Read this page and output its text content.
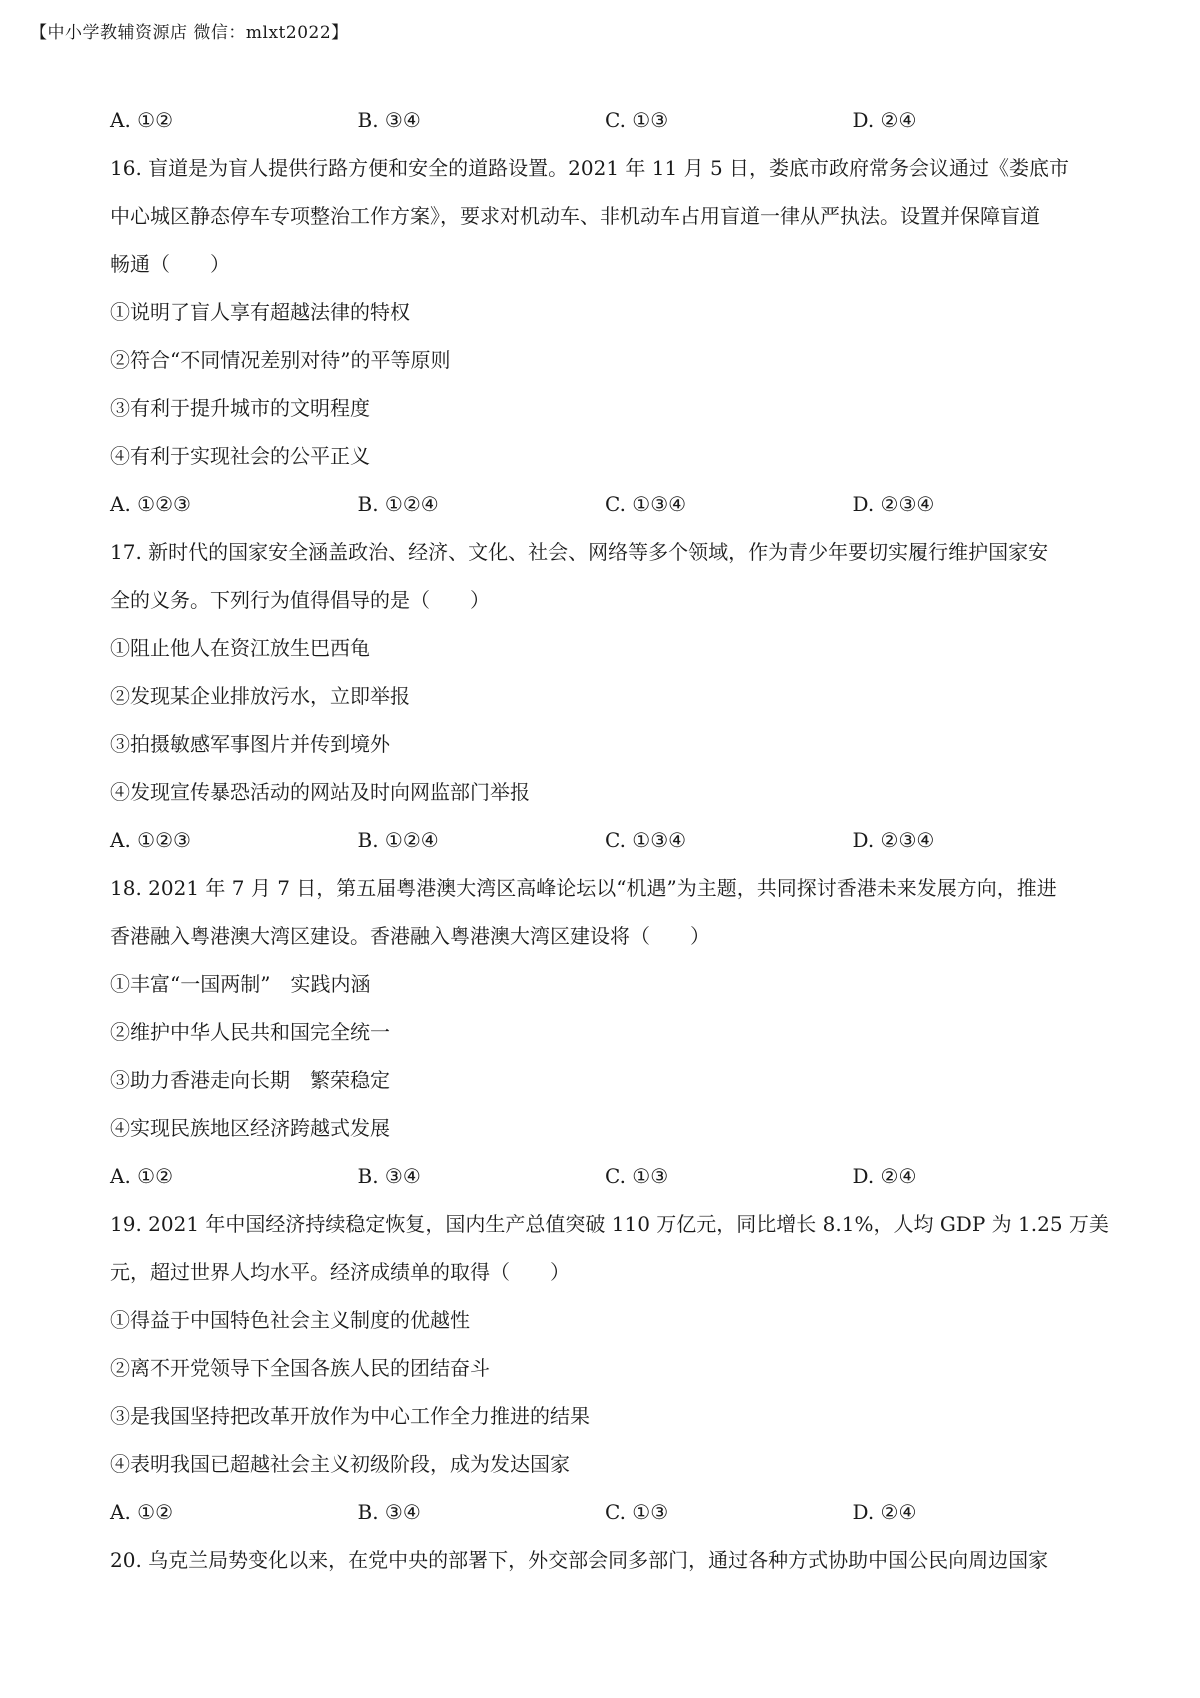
【中小学教辅资源店 微信：mlxt2022】
A. ①②	B. ③④	C. ①③	D. ②④
16. 盲道是为盲人提供行路方便和安全的道路设置。2021 年 11 月 5 日，娄底市政府常务会议通过《娄底市
中心城区静态停车专项整治工作方案》，要求对机动车、非机动车占用盲道一律从严执法。设置并保障盲道
畅通（　　）
①说明了盲人享有超越法律的特权
②符合“不同情况差别对待”的平等原则
③有利于提升城市的文明程度
④有利于实现社会的公平正义
A. ①②③	B. ①②④	C. ①③④	D. ②③④
17. 新时代的国家安全涵盖政治、经济、文化、社会、网络等多个领域，作为青少年要切实履行维护国家安
全的义务。下列行为值得倡导的是（　　）
①阻止他人在资江放生巴西龟
②发现某企业排放污水，立即举报
③拍摄敏感军事图片并传到境外
④发现宣传暴恐活动的网站及时向网监部门举报
A. ①②③	B. ①②④	C. ①③④	D. ②③④
18. 2021 年 7 月 7 日，第五届粤港澳大湾区高峰论坛以“机遇”为主题，共同探讨香港未来发展方向，推进
香港融入粤港澳大湾区建设。香港融入粤港澳大湾区建设将（　　）
①丰富“一国两制”　实践内涵
②维护中华人民共和国完全统一
③助力香港走向长期　繁荣稳定
④实现民族地区经济跨越式发展
A. ①②	B. ③④	C. ①③	D. ②④
19. 2021 年中国经济持续稳定恢复，国内生产总值突破 110 万亿元，同比增长 8.1%，人均 GDP 为 1.25 万美
元，超过世界人均水平。经济成绩单的取得（　　）
①得益于中国特色社会主义制度的优越性
②离不开党领导下全国各族人民的团结奋斗
③是我国坚持把改革开放作为中心工作全力推进的结果
④表明我国已超越社会主义初级阶段，成为发达国家
A. ①②	B. ③④	C. ①③	D. ②④
20. 乌克兰局势变化以来，在党中央的部署下，外交部会同多部门，通过各种方式协助中国公民向周边国家
